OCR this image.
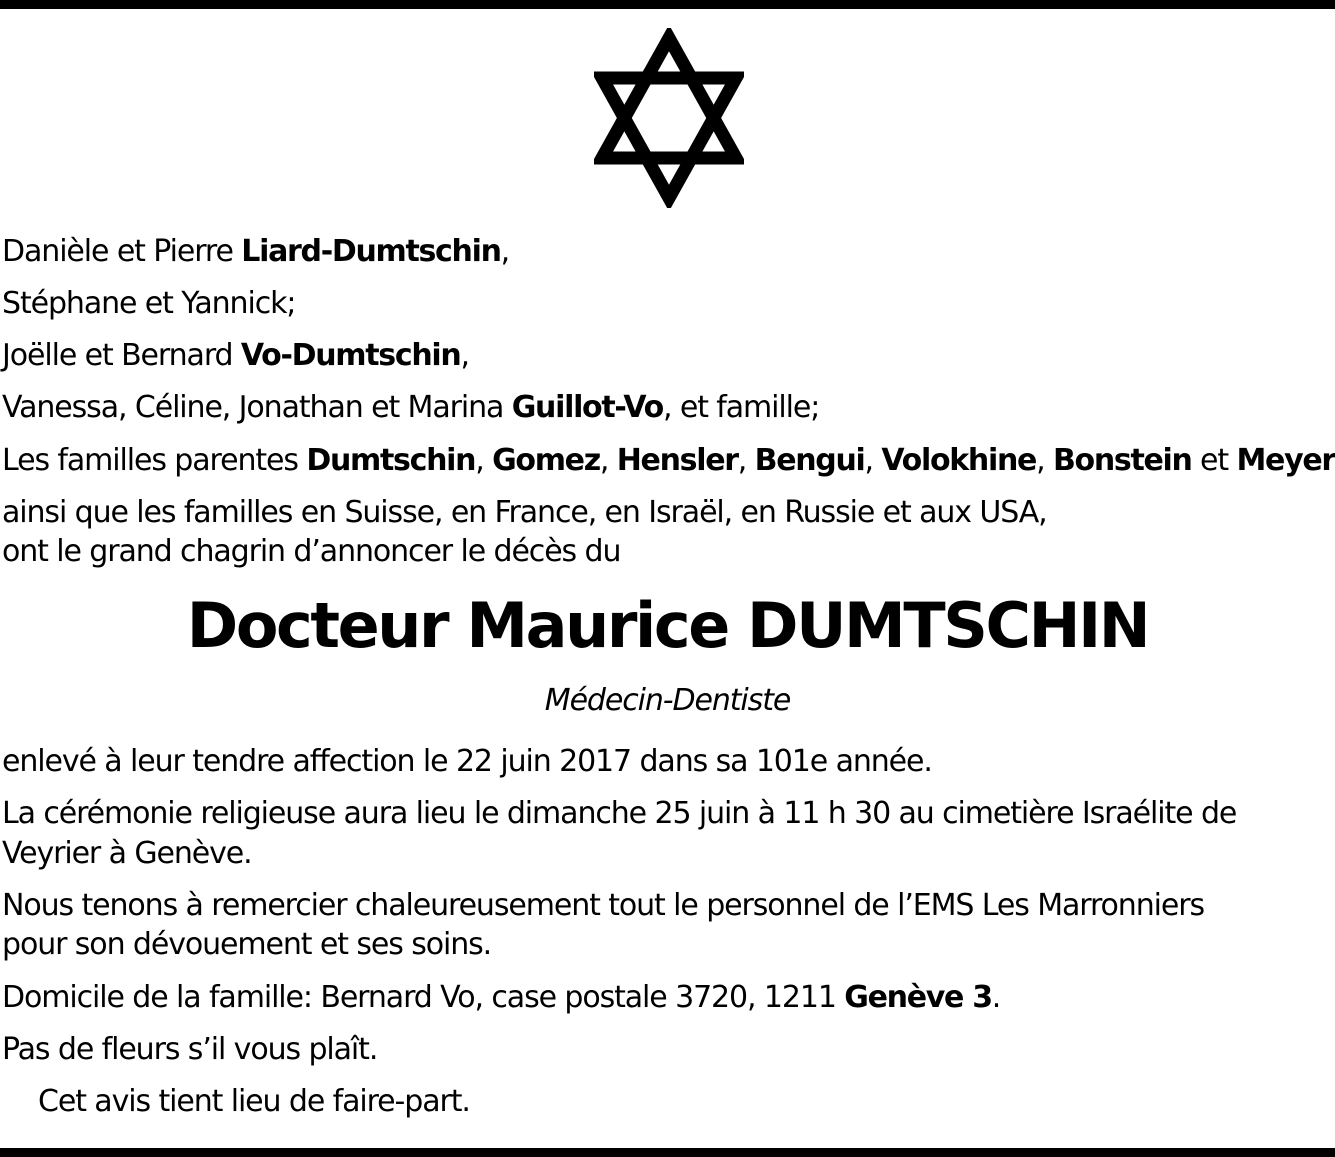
Danièle et Pierre Liard-Dumtschin,
Stéphane et Yannick;
Joëlle et Bernard Vo-Dumtschin,
Vanessa, Céline, Jonathan et Marina Guillot-Vo, et famille;
Les familles parentes Dumtschin, Gomez, Hensler, Bengui, Volokhine, Bonstein et Meyer
ainsi que les familles en Suisse, en France, en Israël, en Russie et aux USA,
ont le grand chagrin d’annoncer le décès du
Docteur Maurice DUMTSCHIN
Médecin-Dentiste
enlevé à leur tendre affection le 22 juin 2017 dans sa 101e année.
La cérémonie religieuse aura lieu le dimanche 25 juin à 11 h 30 au cimetière Israélite de
Veyrier à Genève.
Nous tenons à remercier chaleureusement tout le personnel de l’EMS Les Marronniers
pour son dévouement et ses soins.
Domicile de la famille: Bernard Vo, case postale 3720, 1211 Genève 3.
Pas de fleurs s’il vous plaît.
Cet avis tient lieu de faire-part.
